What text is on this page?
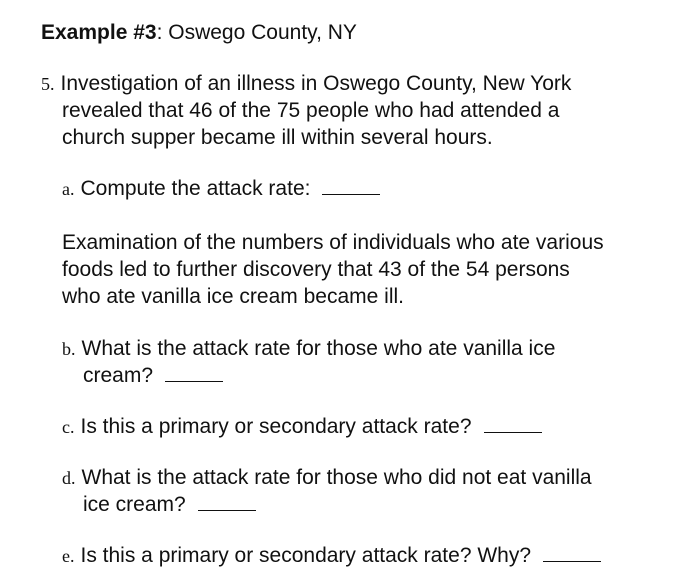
Example #3: Oswego County, NY
5. Investigation of an illness in Oswego County, New York
revealed that 46 of the 75 people who had attended a
church supper became ill within several hours.
a. Compute the attack rate:
Examination of the numbers of individuals who ate various
foods led to further discovery that 43 of the 54 persons
who ate vanilla ice cream became ill.
b. What is the attack rate for those who ate vanilla ice
cream?
c. Is this a primary or secondary attack rate?
d. What is the attack rate for those who did not eat vanilla
ice cream?
e. Is this a primary or secondary attack rate? Why?
